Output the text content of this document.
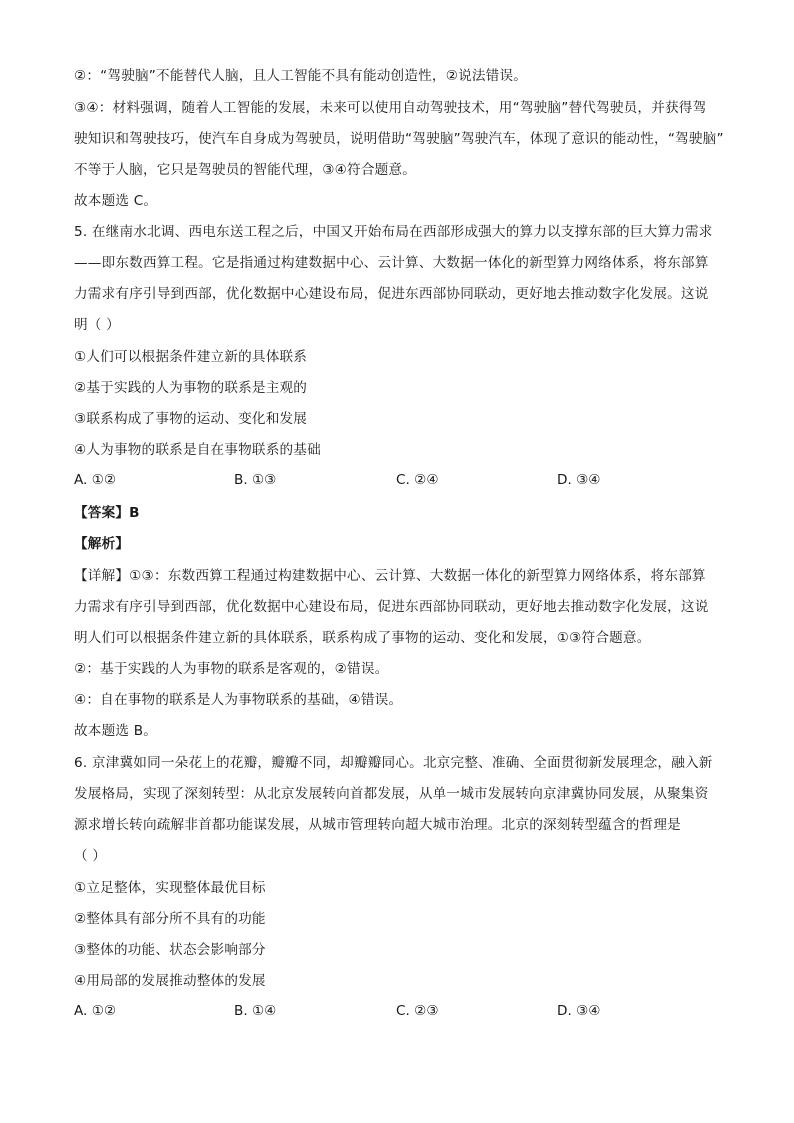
②：“驾驶脑”不能替代人脑，且人工智能不具有能动创造性，②说法错误。
③④：材料强调，随着人工智能的发展，未来可以使用自动驾驶技术，用“驾驶脑”替代驾驶员，并获得驾
驶知识和驾驶技巧，使汽车自身成为驾驶员，说明借助“驾驶脑”驾驶汽车，体现了意识的能动性，“驾驶脑”
不等于人脑，它只是驾驶员的智能代理，③④符合题意。
故本题选 C。
5. 在继南水北调、西电东送工程之后，中国又开始布局在西部形成强大的算力以支撑东部的巨大算力需求
——即东数西算工程。它是指通过构建数据中心、云计算、大数据一体化的新型算力网络体系，将东部算
力需求有序引导到西部，优化数据中心建设布局，促进东西部协同联动，更好地去推动数字化发展。这说
明（ ）
①人们可以根据条件建立新的具体联系
②基于实践的人为事物的联系是主观的
③联系构成了事物的运动、变化和发展
④人为事物的联系是自在事物联系的基础
A. ①②	B. ①③	C. ②④	D. ③④
【答案】B
【解析】
【详解】①③：东数西算工程通过构建数据中心、云计算、大数据一体化的新型算力网络体系，将东部算
力需求有序引导到西部，优化数据中心建设布局，促进东西部协同联动，更好地去推动数字化发展，这说
明人们可以根据条件建立新的具体联系，联系构成了事物的运动、变化和发展，①③符合题意。
②：基于实践的人为事物的联系是客观的，②错误。
④：自在事物的联系是人为事物联系的基础，④错误。
故本题选 B。
6. 京津冀如同一朵花上的花瓣，瓣瓣不同，却瓣瓣同心。北京完整、准确、全面贯彻新发展理念，融入新
发展格局，实现了深刻转型：从北京发展转向首都发展，从单一城市发展转向京津冀协同发展，从聚集资
源求增长转向疏解非首都功能谋发展，从城市管理转向超大城市治理。北京的深刻转型蕴含的哲理是
（ ）
①立足整体，实现整体最优目标
②整体具有部分所不具有的功能
③整体的功能、状态会影响部分
④用局部的发展推动整体的发展
A. ①②	B. ①④	C. ②③	D. ③④
